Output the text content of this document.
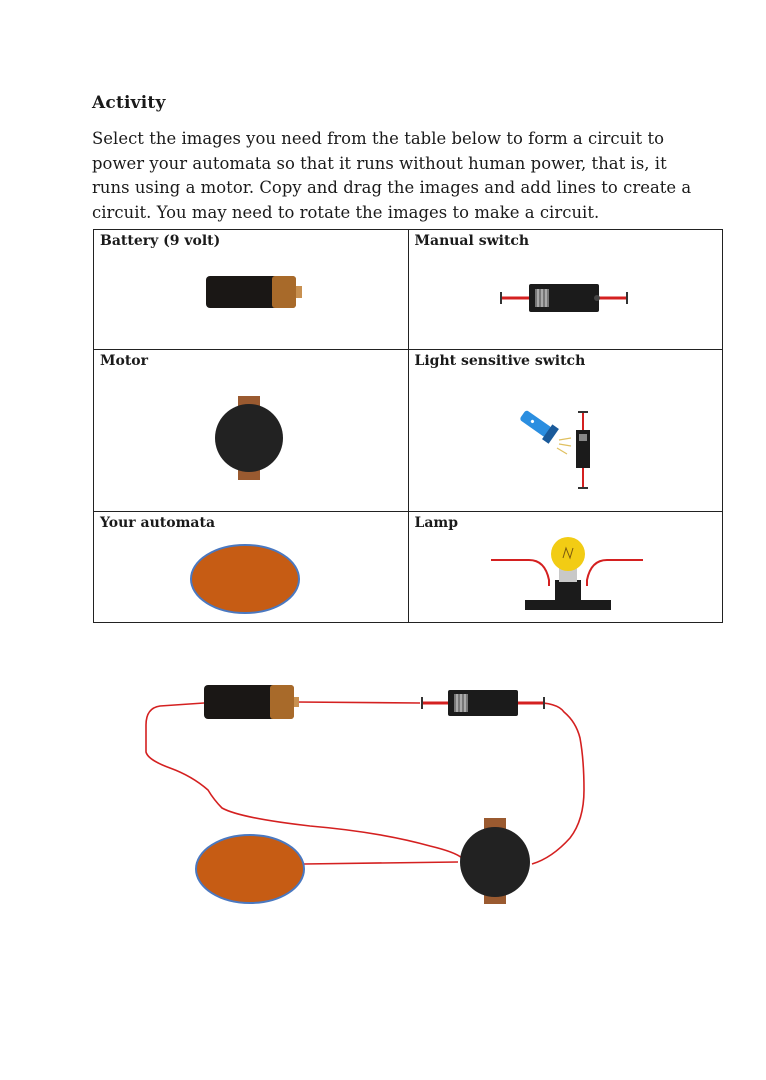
Activity

Select the images you need from the table below to form a circuit to power your automata so that it runs without human power, that is, it runs using a motor. Copy and drag the images and add lines to create a circuit. You may need to rotate the images to make a circuit.

Battery (9 volt)	Manual switch

Motor	Light sensitive switch

Your automata	Lamp
